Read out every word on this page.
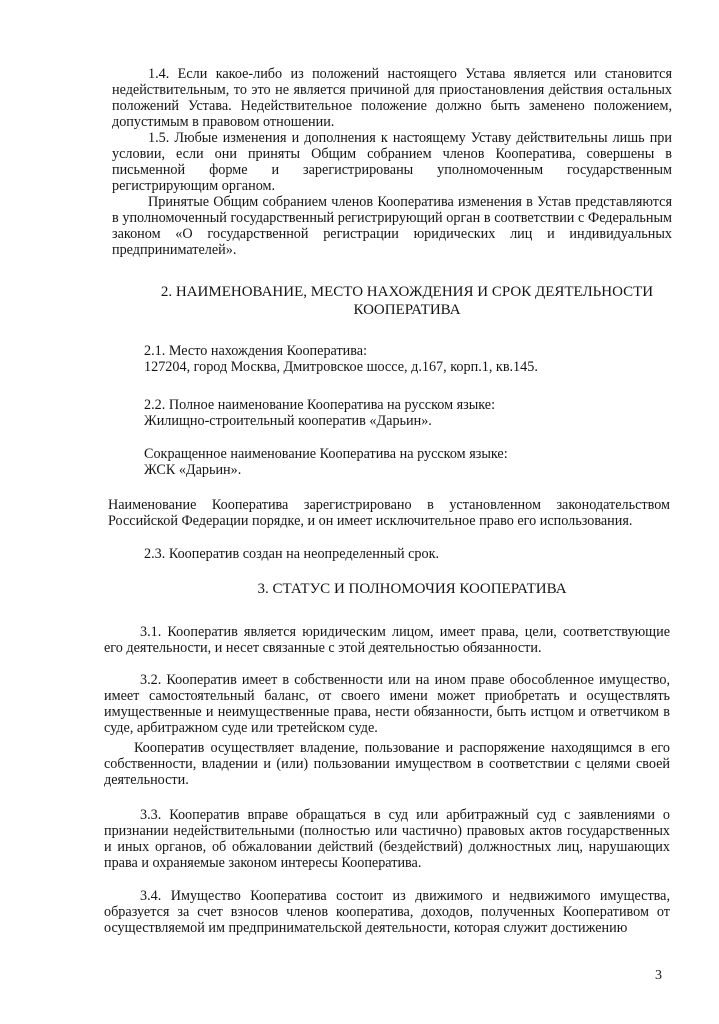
1.4. Если какое-либо из положений настоящего Устава является или становится недействительным, то это не является причиной для приостановления действия остальных положений Устава. Недействительное положение должно быть заменено положением, допустимым в правовом отношении.

1.5. Любые изменения и дополнения к настоящему Уставу действительны лишь при условии, если они приняты Общим собранием членов Кооператива, совершены в письменной форме и зарегистрированы уполномоченным государственным регистрирующим органом.

Принятые Общим собранием членов Кооператива изменения в Устав представляются в уполномоченный государственный регистрирующий орган в соответствии с Федеральным законом «О государственной регистрации юридических лиц и индивидуальных предпринимателей».

2. НАИМЕНОВАНИЕ, МЕСТО НАХОЖДЕНИЯ И СРОК ДЕЯТЕЛЬНОСТИ
КООПЕРАТИВА

2.1. Место нахождения Кооператива:

127204, город Москва, Дмитровское шоссе, д.167, корп.1, кв.145.

2.2. Полное наименование Кооператива на русском языке:

Жилищно-строительный кооператив «Дарьин».

Сокращенное наименование Кооператива на русском языке:

ЖСК «Дарьин».

Наименование Кооператива зарегистрировано в установленном законодательством Российской Федерации порядке, и он имеет исключительное право его использования.

2.3. Кооператив создан на неопределенный срок.

3. СТАТУС И ПОЛНОМОЧИЯ КООПЕРАТИВА

3.1. Кооператив является юридическим лицом, имеет права, цели, соответствующие его деятельности, и несет связанные с этой деятельностью обязанности.

3.2. Кооператив имеет в собственности или на ином праве обособленное имущество, имеет самостоятельный баланс, от своего имени может приобретать и осуществлять имущественные и неимущественные права, нести обязанности, быть истцом и ответчиком в суде, арбитражном суде или третейском суде.

Кооператив осуществляет владение, пользование и распоряжение находящимся в его собственности, владении и (или) пользовании имуществом в соответствии с целями своей деятельности.

3.3. Кооператив вправе обращаться в суд или арбитражный суд с заявлениями о признании недействительными (полностью или частично) правовых актов государственных и иных органов, об обжаловании действий (бездействий) должностных лиц, нарушающих права и охраняемые законом интересы Кооператива.

3.4. Имущество Кооператива состоит из движимого и недвижимого имущества, образуется за счет взносов членов кооператива, доходов, полученных Кооперативом от осуществляемой им предпринимательской деятельности, которая служит достижению

3
